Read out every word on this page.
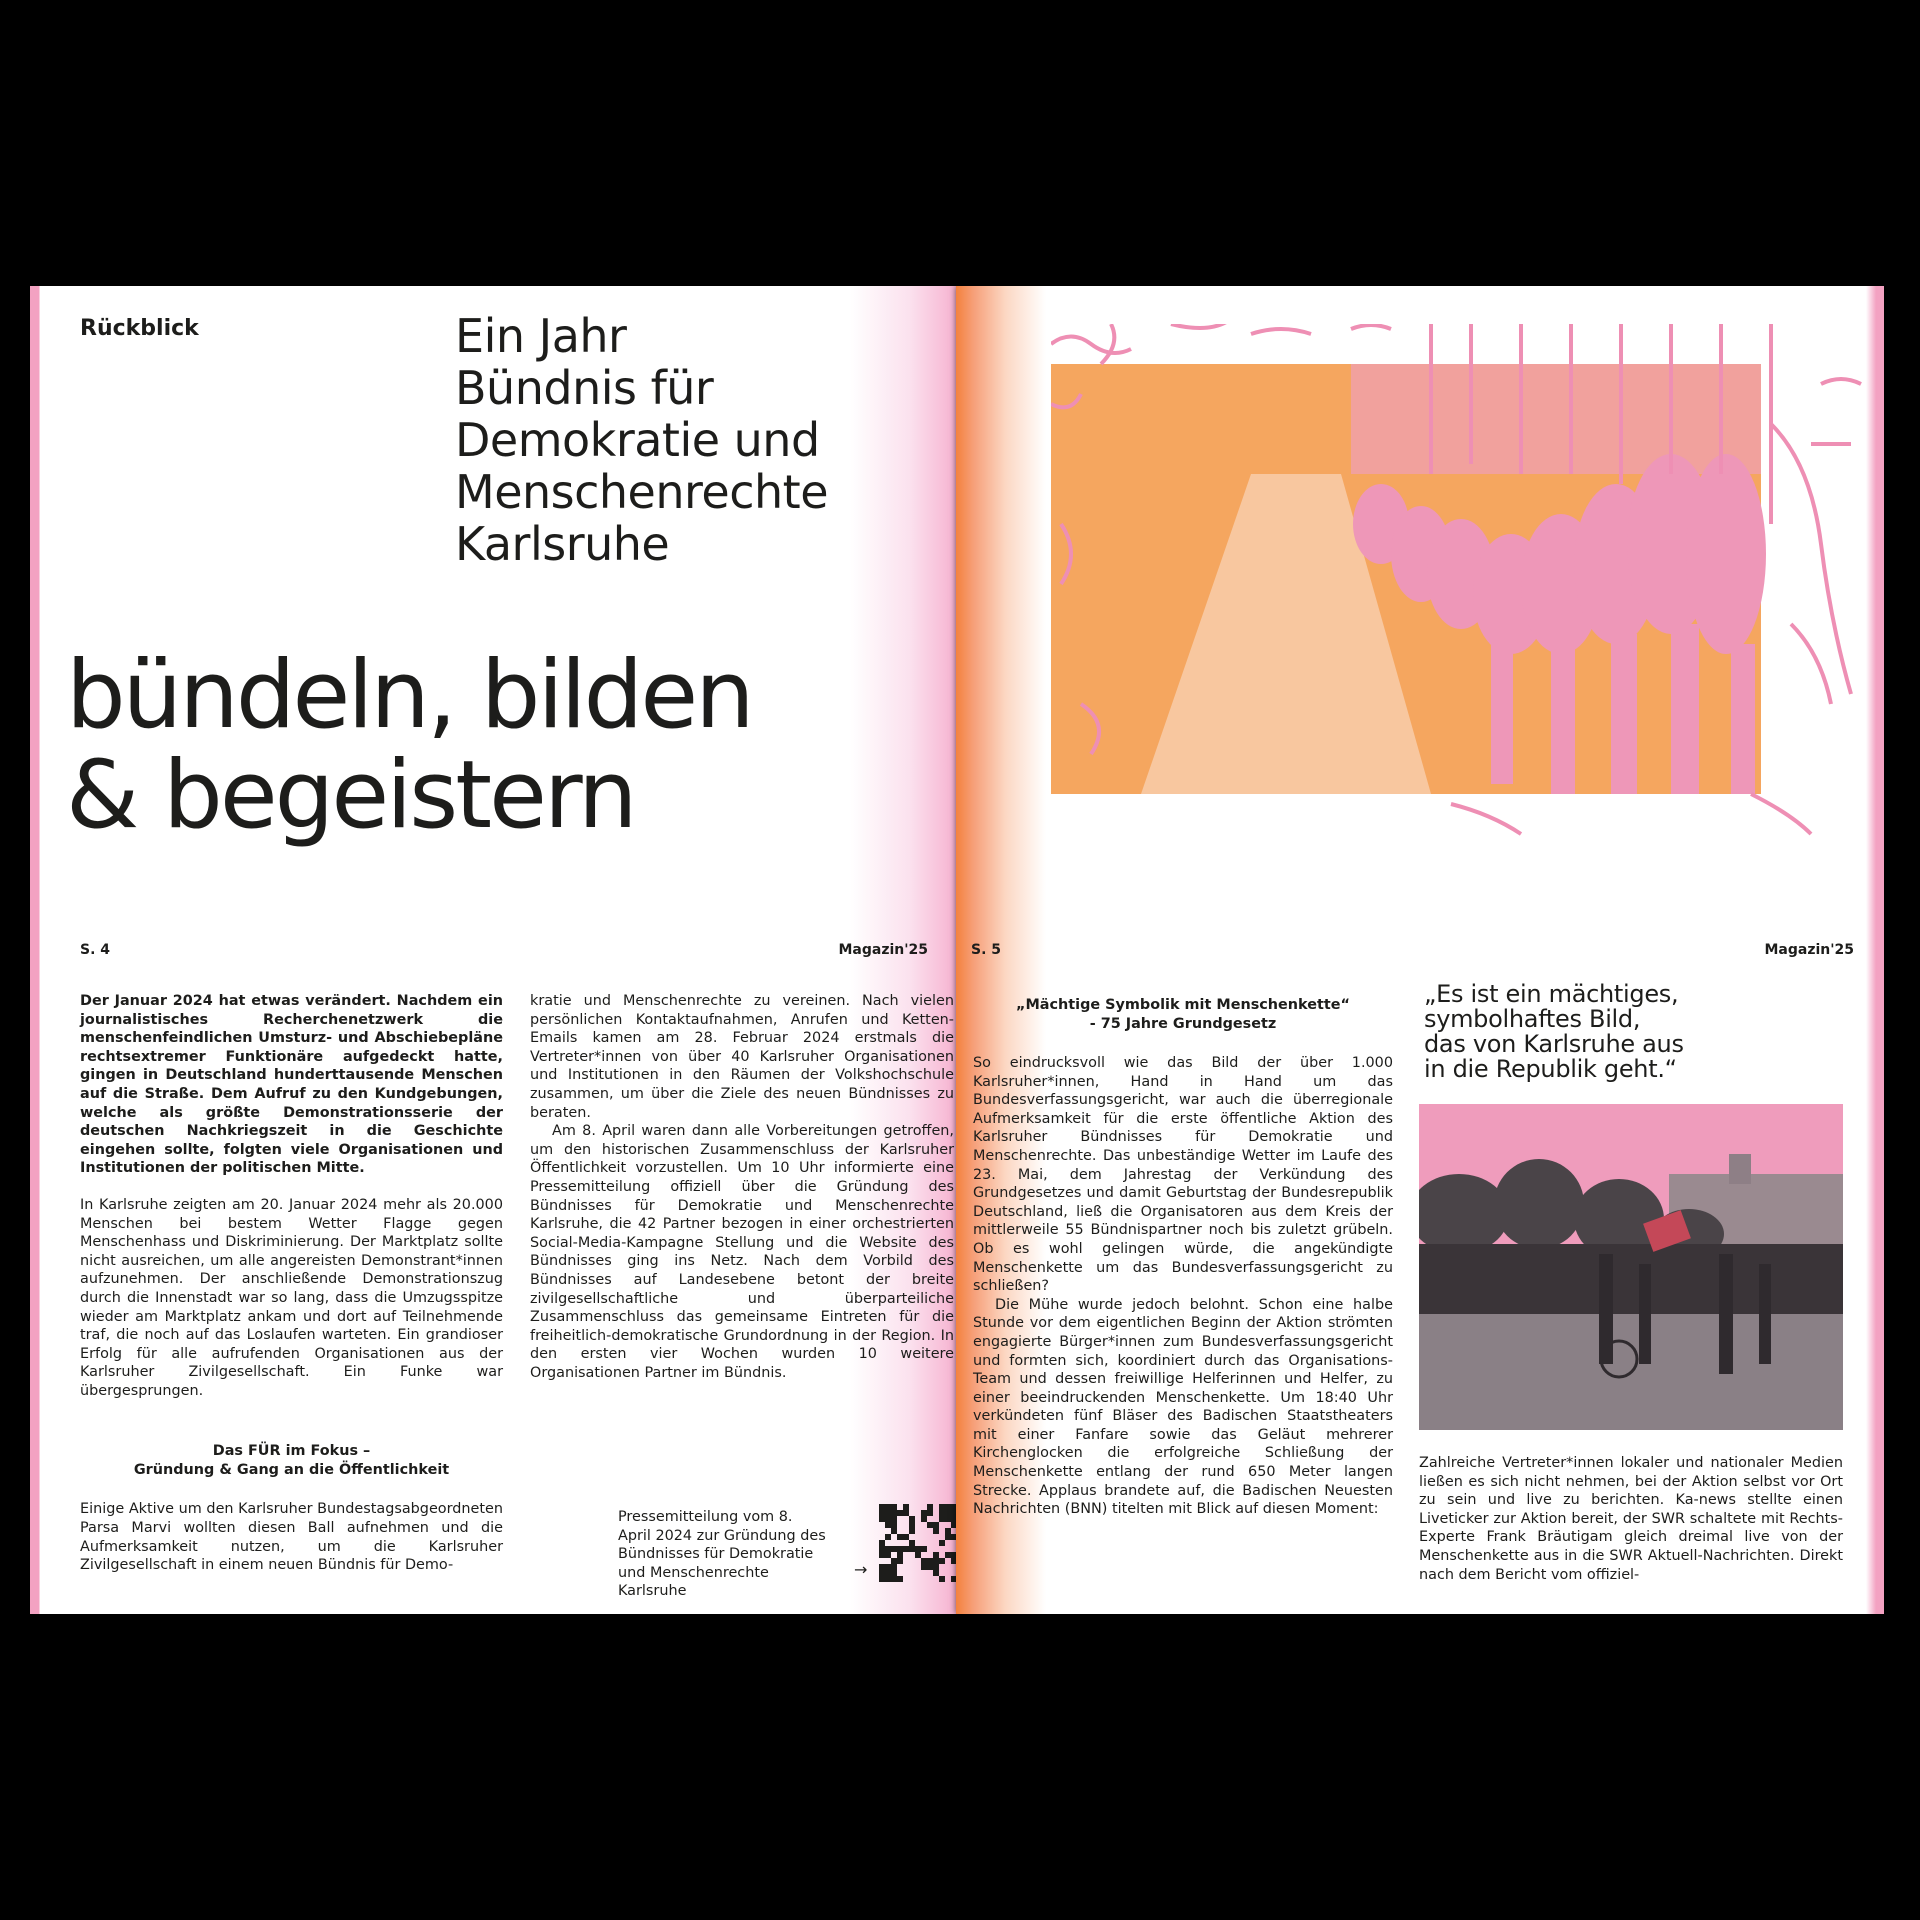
Rückblick	Ein Jahr
Bündnis für
Demokratie und
Menschenrechte
Karlsruhe
bündeln, bilden
& begeistern
S. 4	Magazin'25

Der Januar 2024 hat etwas verändert. Nachdem ein journalistisches Recherchenetzwerk die menschenfeindlichen Umsturz- und Abschiebepläne rechtsextremer Funktionäre aufgedeckt hatte, gingen in Deutschland hunderttausende Menschen auf die Straße. Dem Aufruf zu den Kundgebungen, welche als größte Demonstrationsserie der deutschen Nachkriegszeit in die Geschichte eingehen sollte, folgten viele Organisationen und Institutionen der politischen Mitte.

In Karlsruhe zeigten am 20. Januar 2024 mehr als 20.000 Menschen bei bestem Wetter Flagge gegen Menschenhass und Diskriminierung. Der Marktplatz sollte nicht ausreichen, um alle angereisten Demonstrant*innen aufzunehmen. Der anschließende Demonstrationszug durch die Innenstadt war so lang, dass die Umzugsspitze wieder am Marktplatz ankam und dort auf Teilnehmende traf, die noch auf das Loslaufen warteten. Ein grandioser Erfolg für alle aufrufenden Organisationen aus der Karlsruher Zivilgesellschaft. Ein Funke war übergesprungen.

Das FÜR im Fokus –
Gründung & Gang an die Öffentlichkeit

Einige Aktive um den Karlsruher Bundestagsabgeordneten Parsa Marvi wollten diesen Ball aufnehmen und die Aufmerksamkeit nutzen, um die Karlsruher Zivilgesellschaft in einem neuen Bündnis für Demo-

kratie und Menschenrechte zu vereinen. Nach vielen persönlichen Kontaktaufnahmen, Anrufen und Ketten-Emails kamen am 28. Februar 2024 erstmals die Vertreter*innen von über 40 Karlsruher Organisationen und Institutionen in den Räumen der Volkshochschule zusammen, um über die Ziele des neuen Bündnisses zu beraten.

Am 8. April waren dann alle Vorbereitungen getroffen, um den historischen Zusammenschluss der Karlsruher Öffentlichkeit vorzustellen. Um 10 Uhr informierte eine Pressemitteilung offiziell über die Gründung des Bündnisses für Demokratie und Menschenrechte Karlsruhe, die 42 Partner bezogen in einer orchestrierten Social-Media-Kampagne Stellung und die Website des Bündnisses ging ins Netz. Nach dem Vorbild des Bündnisses auf Landesebene betont der breite zivilgesellschaftliche und überparteiliche Zusammenschluss das gemeinsame Eintreten für die freiheitlich-demokratische Grundordnung in der Region. In den ersten vier Wochen wurden 10 weitere Organisationen Partner im Bündnis.

Pressemitteilung vom 8. April 2024 zur Gründung des Bündnisses für Demokratie und Menschenrechte Karlsruhe
→
S. 5	Magazin'25
„Mächtige Symbolik mit Menschenkette“
- 75 Jahre Grundgesetz

So eindrucksvoll wie das Bild der über 1.000 Karlsruher*innen, Hand in Hand um das Bundesverfassungsgericht, war auch die überregionale Aufmerksamkeit für die erste öffentliche Aktion des Karlsruher Bündnisses für Demokratie und Menschenrechte. Das unbeständige Wetter im Laufe des 23. Mai, dem Jahrestag der Verkündung des Grundgesetzes und damit Geburtstag der Bundesrepublik Deutschland, ließ die Organisatoren aus dem Kreis der mittlerweile 55 Bündnispartner noch bis zuletzt grübeln. Ob es wohl gelingen würde, die angekündigte Menschenkette um das Bundesverfassungsgericht zu schließen?

Die Mühe wurde jedoch belohnt. Schon eine halbe Stunde vor dem eigentlichen Beginn der Aktion strömten engagierte Bürger*innen zum Bundesverfassungsgericht und formten sich, koordiniert durch das Organisations-Team und dessen freiwillige Helferinnen und Helfer, zu einer beeindruckenden Menschenkette. Um 18:40 Uhr verkündeten fünf Bläser des Badischen Staatstheaters mit einer Fanfare sowie das Geläut mehrerer Kirchenglocken die erfolgreiche Schließung der Menschenkette entlang der rund 650 Meter langen Strecke. Applaus brandete auf, die Badischen Neuesten Nachrichten (BNN) titelten mit Blick auf diesen Moment:

„Es ist ein mächtiges,
symbolhaftes Bild,
das von Karlsruhe aus
in die Republik geht.“

Zahlreiche Vertreter*innen lokaler und nationaler Medien ließen es sich nicht nehmen, bei der Aktion selbst vor Ort zu sein und live zu berichten. Ka-news stellte einen Liveticker zur Aktion bereit, der SWR schaltete mit Rechts-Experte Frank Bräutigam gleich dreimal live von der Menschenkette aus in die SWR Aktuell-Nachrichten. Direkt nach dem Bericht vom offiziel-
